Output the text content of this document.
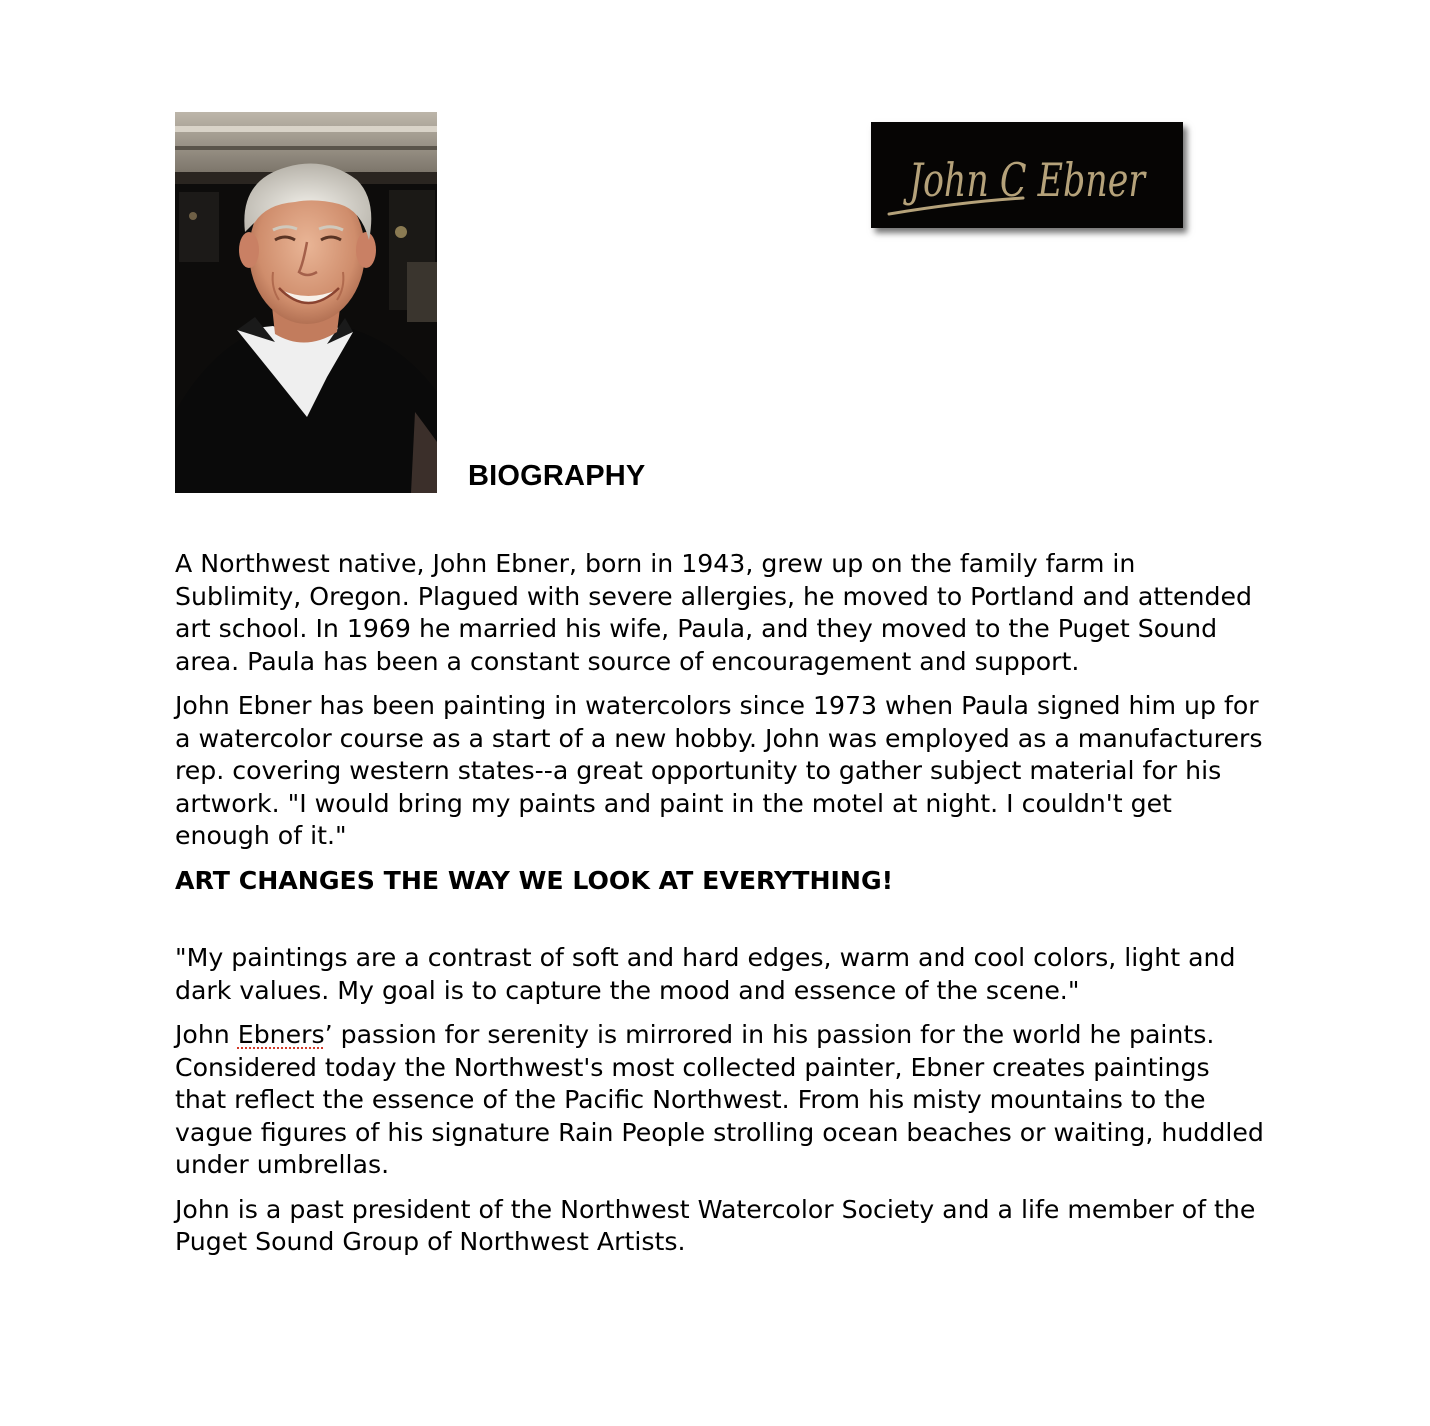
John C Ebner
BIOGRAPHY

A Northwest native, John Ebner, born in 1943, grew up on the family farm in Sublimity, Oregon. Plagued with severe allergies, he moved to Portland and attended art school. In 1969 he married his wife, Paula, and they moved to the Puget Sound area. Paula has been a constant source of encouragement and support.

John Ebner has been painting in watercolors since 1973 when Paula signed him up for a watercolor course as a start of a new hobby. John was employed as a manufacturers rep. covering western states--a great opportunity to gather subject material for his artwork. "I would bring my paints and paint in the motel at night. I couldn't get enough of it."

ART CHANGES THE WAY WE LOOK AT EVERYTHING!

"My paintings are a contrast of soft and hard edges, warm and cool colors, light and dark values. My goal is to capture the mood and essence of the scene."

John Ebners’ passion for serenity is mirrored in his passion for the world he paints. Considered today the Northwest's most collected painter, Ebner creates paintings that reflect the essence of the Pacific Northwest. From his misty mountains to the vague figures of his signature Rain People strolling ocean beaches or waiting, huddled under umbrellas.

John is a past president of the Northwest Watercolor Society and a life member of the Puget Sound Group of Northwest Artists.
